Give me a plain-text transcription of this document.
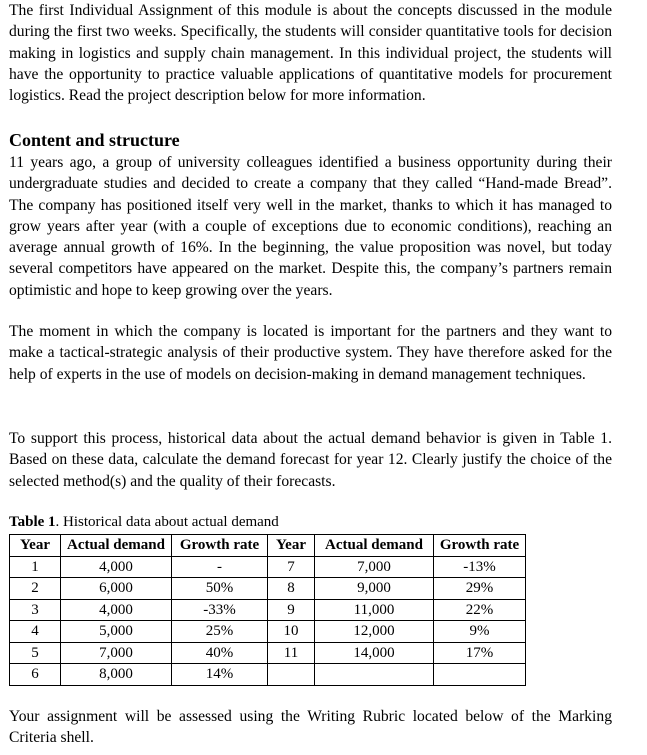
The first Individual Assignment of this module is about the concepts discussed in the module during the first two weeks. Specifically, the students will consider quantitative tools for decision making in logistics and supply chain management. In this individual project, the students will have the opportunity to practice valuable applications of quantitative models for procurement logistics. Read the project description below for more information.

Content and structure

11 years ago, a group of university colleagues identified a business opportunity during their undergraduate studies and decided to create a company that they called “Hand-made Bread”. The company has positioned itself very well in the market, thanks to which it has managed to grow years after year (with a couple of exceptions due to economic conditions), reaching an average annual growth of 16%. In the beginning, the value proposition was novel, but today several competitors have appeared on the market. Despite this, the company’s partners remain optimistic and hope to keep growing over the years.

The moment in which the company is located is important for the partners and they want to make a tactical-strategic analysis of their productive system. They have therefore asked for the help of experts in the use of models on decision-making in demand management techniques.

To support this process, historical data about the actual demand behavior is given in Table 1. Based on these data, calculate the demand forecast for year 12. Clearly justify the choice of the selected method(s) and the quality of their forecasts.

Table 1. Historical data about actual demand

Year	Actual demand	Growth rate	Year	Actual demand	Growth rate
1	4,000	-	7	7,000	-13%
2	6,000	50%	8	9,000	29%
3	4,000	-33%	9	11,000	22%
4	5,000	25%	10	12,000	9%
5	7,000	40%	11	14,000	17%
6	8,000	14%			

Your assignment will be assessed using the Writing Rubric located below of the Marking Criteria shell.
